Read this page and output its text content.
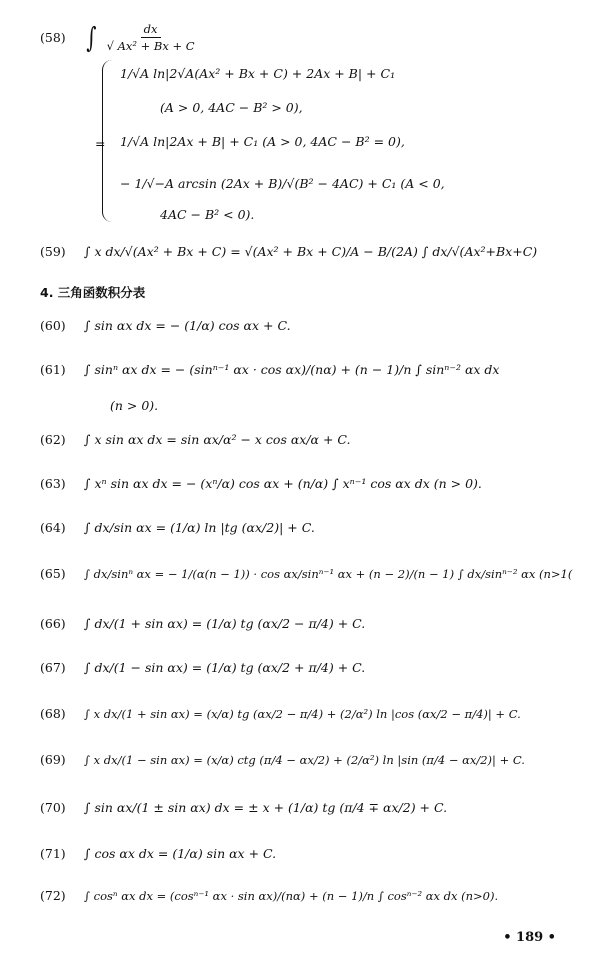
(58) ∫ $\frac{dx}{\text{√ Ax² + Bx + C}}$
=
1/√A ln|2√A(Ax² + Bx + C) + 2Ax + B| + C₁
(A > 0, 4AC − B² > 0),
1/√A ln|2Ax + B| + C₁ (A > 0, 4AC − B² = 0),
− 1/√−A arcsin (2Ax + B)/√(B² − 4AC) + C₁ (A < 0,
4AC − B² < 0).
(59)	∫ x dx/√(Ax² + Bx + C) = √(Ax² + Bx + C)/A − B/(2A) ∫ dx/√(Ax²+Bx+C)
4. 三角函数积分表
(60)	∫ sin αx dx = − (1/α) cos αx + C.
(61)	∫ sinⁿ αx dx = − (sinⁿ⁻¹ αx · cos αx)/(nα) + (n − 1)/n ∫ sinⁿ⁻² αx dx
(n > 0).
(62)	∫ x sin αx dx = sin αx/α² − x cos αx/α + C.
(63)	∫ xⁿ sin αx dx = − (xⁿ/α) cos αx + (n/α) ∫ xⁿ⁻¹ cos αx dx (n > 0).
(64)	∫ dx/sin αx = (1/α) ln |tg (αx/2)| + C.
(65)	∫ dx/sinⁿ αx = − 1/(α(n − 1)) · cos αx/sinⁿ⁻¹ αx + (n − 2)/(n − 1) ∫ dx/sinⁿ⁻² αx (n>1(
(66)	∫ dx/(1 + sin αx) = (1/α) tg (αx/2 − π/4) + C.
(67)	∫ dx/(1 − sin αx) = (1/α) tg (αx/2 + π/4) + C.
(68)	∫ x dx/(1 + sin αx) = (x/α) tg (αx/2 − π/4) + (2/α²) ln |cos (αx/2 − π/4)| + C.
(69)	∫ x dx/(1 − sin αx) = (x/α) ctg (π/4 − αx/2) + (2/α²) ln |sin (π/4 − αx/2)| + C.
(70)	∫ sin αx/(1 ± sin αx) dx = ± x + (1/α) tg (π/4 ∓ αx/2) + C.
(71)	∫ cos αx dx = (1/α) sin αx + C.
(72)	∫ cosⁿ αx dx = (cosⁿ⁻¹ αx · sin αx)/(nα) + (n − 1)/n ∫ cosⁿ⁻² αx dx (n>0).
• 189 •
